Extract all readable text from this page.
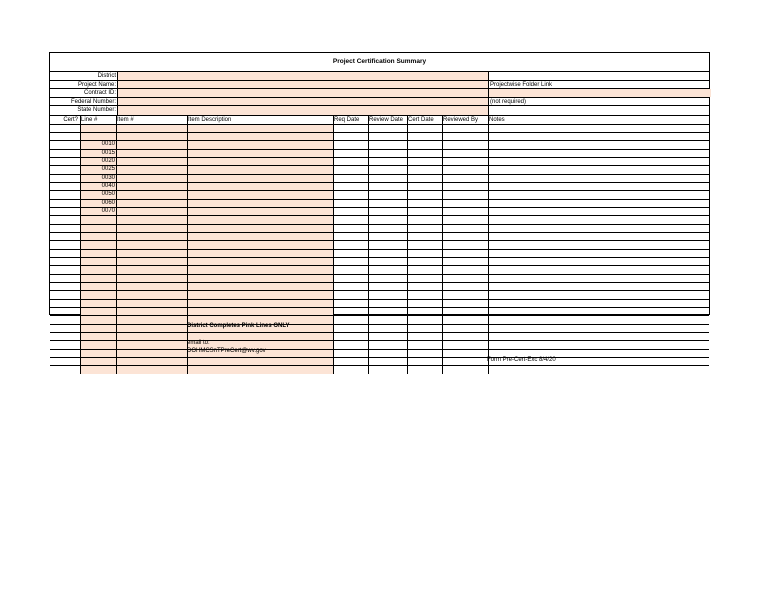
Project Certification Summary
District
Project Name:	Projectwise Folder Link
Contract ID:
Federal Number:	(not required)
State Number:
Cert? Line #	Item #	Item Description	Req Date	Review Date Cert Date	Reviewed By	Notes
0010
0015
0020
0025
0030
0040
0050
0060
0070
District Completes Pink Lines ONLY
email to:
DOHMCSnTPreCert@wv.gov
Form Pre-Cert-Exc 8/4/20
